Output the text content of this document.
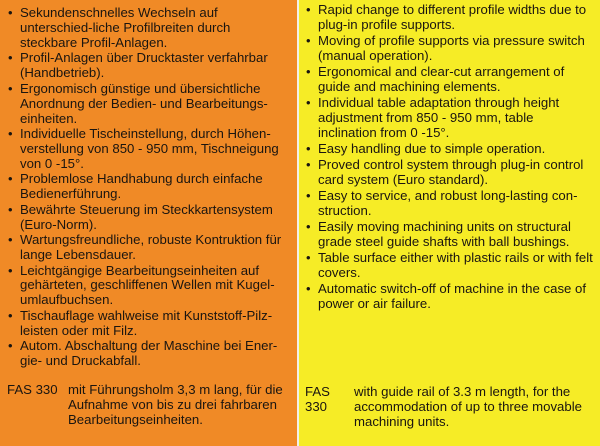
• Sekundenschnelles Wechseln auf unterschied-liche Profilbreiten durch steckbare Profil-Anlagen.
• Profil-Anlagen über Drucktaster verfahrbar (Handbetrieb).
• Ergonomisch günstige und übersichtliche Anordnung der Bedien- und Bearbeitungs-einheiten.
• Individuelle Tischeinstellung, durch Höhen-verstellung von 850 - 950 mm, Tischneigung von 0 -15°.
• Problemlose Handhabung durch einfache Bedienerführung.
• Bewährte Steuerung im Steckkartensystem (Euro-Norm).
• Wartungsfreundliche, robuste Kontruktion für lange Lebensdauer.
• Leichtgängige Bearbeitungseinheiten auf gehärteten, geschliffenen Wellen mit Kugel-umlaufbuchsen.
• Tischauflage wahlweise mit Kunststoff-Pilz-leisten oder mit Filz.
• Autom. Abschaltung der Maschine bei Ener-gie- und Druckabfall.
FAS 330 mit Führungsholm 3,3 m lang, für die Aufnahme von bis zu drei fahrbaren Bearbeitungseinheiten.
• Rapid change to different profile widths due to plug-in profile supports.
• Moving of profile supports via pressure switch (manual operation).
• Ergonomical and clear-cut arrangement of guide and machining elements.
• Individual table adaptation through height adjustment from 850 - 950 mm, table inclination from 0 -15°.
• Easy handling due to simple operation.
• Proved control system through plug-in control card system (Euro standard).
• Easy to service, and robust long-lasting con-struction.
• Easily moving machining units on structural grade steel guide shafts with ball bushings.
• Table surface either with plastic rails or with felt covers.
• Automatic switch-off of machine in the case of power or air failure.
FAS 330
with guide rail of 3.3 m length, for the accommodation of up to three movable machining units.
